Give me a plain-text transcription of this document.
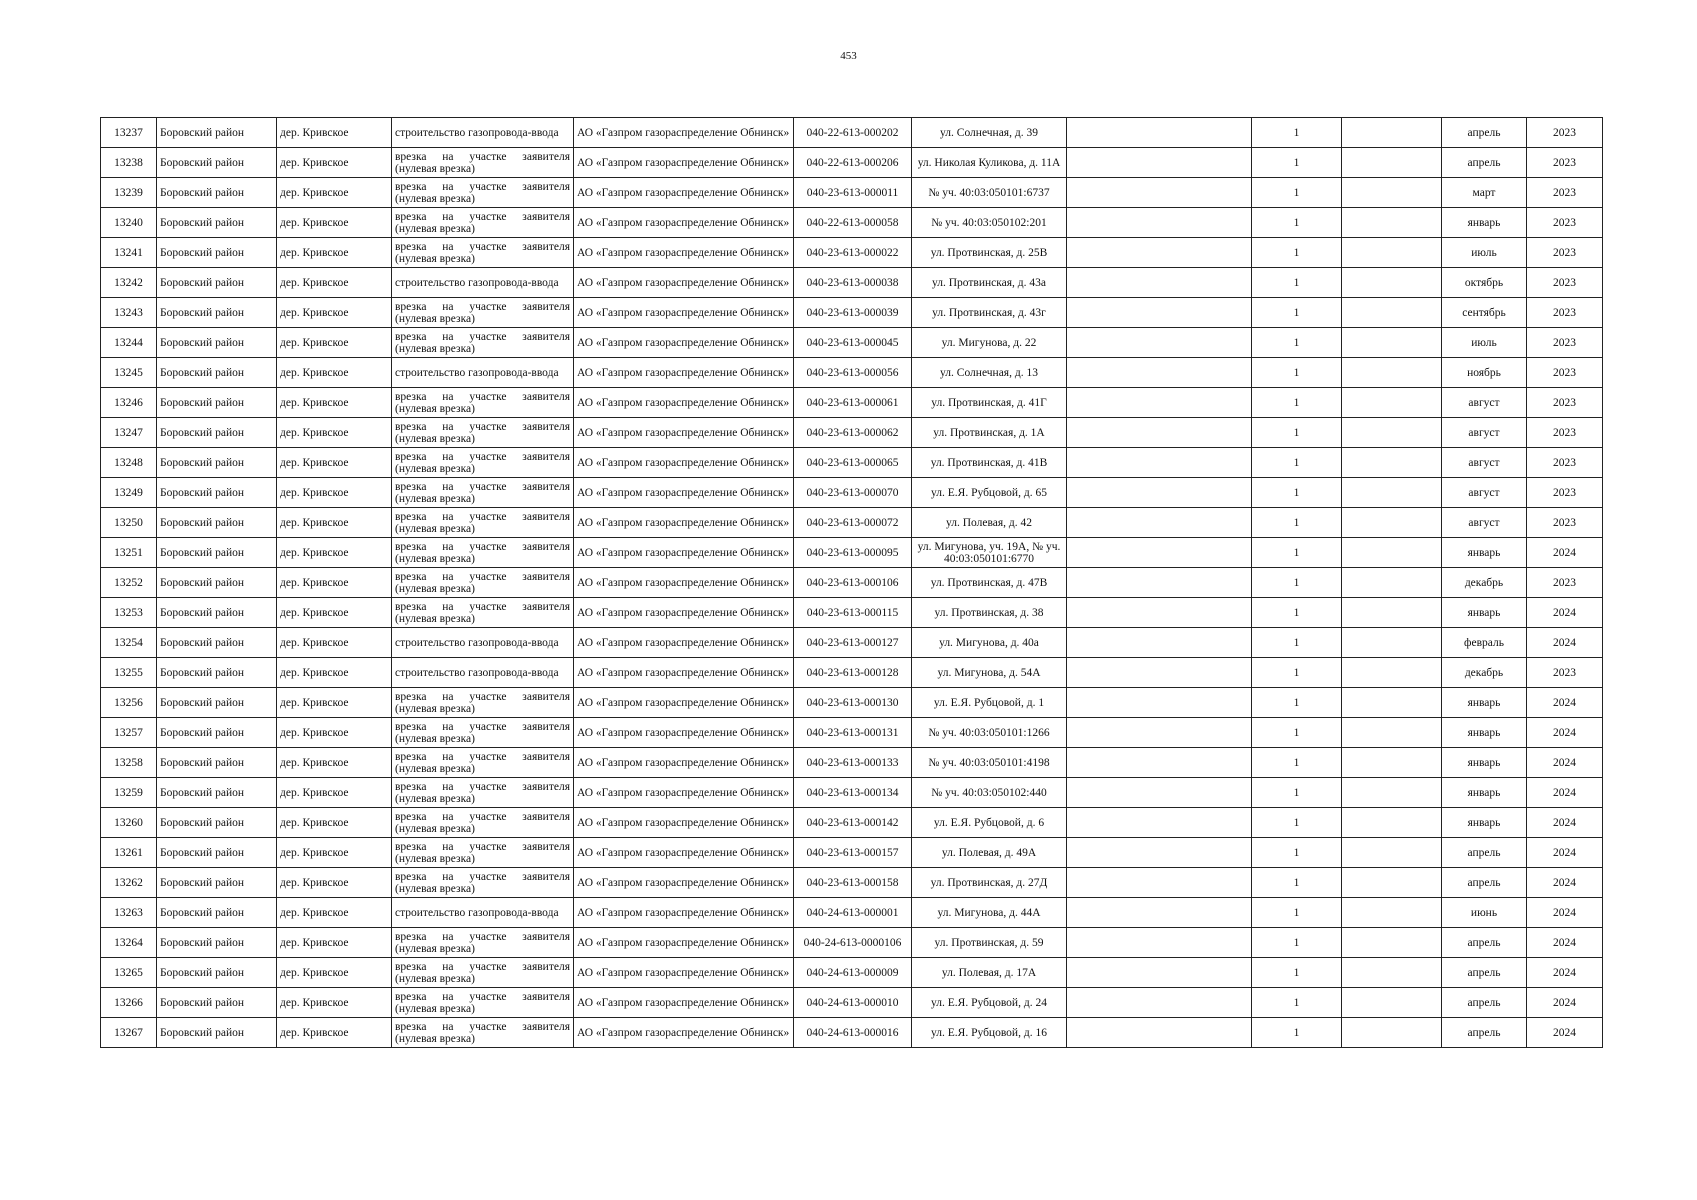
453
13237	Боровский район	дер. Кривское	строительство газопровода-ввода	АО «Газпром газораспределение Обнинск»	040-22-613-000202	ул. Солнечная, д. 39		1		апрель	2023
13238	Боровский район	дер. Кривское	врезка на участке заявителя (нулевая врезка)	АО «Газпром газораспределение Обнинск»	040-22-613-000206	ул. Николая Куликова, д. 11А		1		апрель	2023
13239	Боровский район	дер. Кривское	врезка на участке заявителя (нулевая врезка)	АО «Газпром газораспределение Обнинск»	040-23-613-000011	№ уч. 40:03:050101:6737		1		март	2023
13240	Боровский район	дер. Кривское	врезка на участке заявителя (нулевая врезка)	АО «Газпром газораспределение Обнинск»	040-22-613-000058	№ уч. 40:03:050102:201		1		январь	2023
13241	Боровский район	дер. Кривское	врезка на участке заявителя (нулевая врезка)	АО «Газпром газораспределение Обнинск»	040-23-613-000022	ул. Протвинская, д. 25В		1		июль	2023
13242	Боровский район	дер. Кривское	строительство газопровода-ввода	АО «Газпром газораспределение Обнинск»	040-23-613-000038	ул. Протвинская, д. 43а		1		октябрь	2023
13243	Боровский район	дер. Кривское	врезка на участке заявителя (нулевая врезка)	АО «Газпром газораспределение Обнинск»	040-23-613-000039	ул. Протвинская, д. 43г		1		сентябрь	2023
13244	Боровский район	дер. Кривское	врезка на участке заявителя (нулевая врезка)	АО «Газпром газораспределение Обнинск»	040-23-613-000045	ул. Мигунова, д. 22		1		июль	2023
13245	Боровский район	дер. Кривское	строительство газопровода-ввода	АО «Газпром газораспределение Обнинск»	040-23-613-000056	ул. Солнечная, д. 13		1		ноябрь	2023
13246	Боровский район	дер. Кривское	врезка на участке заявителя (нулевая врезка)	АО «Газпром газораспределение Обнинск»	040-23-613-000061	ул. Протвинская, д. 41Г		1		август	2023
13247	Боровский район	дер. Кривское	врезка на участке заявителя (нулевая врезка)	АО «Газпром газораспределение Обнинск»	040-23-613-000062	ул. Протвинская, д. 1А		1		август	2023
13248	Боровский район	дер. Кривское	врезка на участке заявителя (нулевая врезка)	АО «Газпром газораспределение Обнинск»	040-23-613-000065	ул. Протвинская, д. 41В		1		август	2023
13249	Боровский район	дер. Кривское	врезка на участке заявителя (нулевая врезка)	АО «Газпром газораспределение Обнинск»	040-23-613-000070	ул. Е.Я. Рубцовой, д. 65		1		август	2023
13250	Боровский район	дер. Кривское	врезка на участке заявителя (нулевая врезка)	АО «Газпром газораспределение Обнинск»	040-23-613-000072	ул. Полевая, д. 42		1		август	2023
13251	Боровский район	дер. Кривское	врезка на участке заявителя (нулевая врезка)	АО «Газпром газораспределение Обнинск»	040-23-613-000095	ул. Мигунова, уч. 19А, № уч. 40:03:050101:6770		1		январь	2024
13252	Боровский район	дер. Кривское	врезка на участке заявителя (нулевая врезка)	АО «Газпром газораспределение Обнинск»	040-23-613-000106	ул. Протвинская, д. 47В		1		декабрь	2023
13253	Боровский район	дер. Кривское	врезка на участке заявителя (нулевая врезка)	АО «Газпром газораспределение Обнинск»	040-23-613-000115	ул. Протвинская, д. 38		1		январь	2024
13254	Боровский район	дер. Кривское	строительство газопровода-ввода	АО «Газпром газораспределение Обнинск»	040-23-613-000127	ул. Мигунова, д. 40а		1		февраль	2024
13255	Боровский район	дер. Кривское	строительство газопровода-ввода	АО «Газпром газораспределение Обнинск»	040-23-613-000128	ул. Мигунова, д. 54А		1		декабрь	2023
13256	Боровский район	дер. Кривское	врезка на участке заявителя (нулевая врезка)	АО «Газпром газораспределение Обнинск»	040-23-613-000130	ул. Е.Я. Рубцовой, д. 1		1		январь	2024
13257	Боровский район	дер. Кривское	врезка на участке заявителя (нулевая врезка)	АО «Газпром газораспределение Обнинск»	040-23-613-000131	№ уч. 40:03:050101:1266		1		январь	2024
13258	Боровский район	дер. Кривское	врезка на участке заявителя (нулевая врезка)	АО «Газпром газораспределение Обнинск»	040-23-613-000133	№ уч. 40:03:050101:4198		1		январь	2024
13259	Боровский район	дер. Кривское	врезка на участке заявителя (нулевая врезка)	АО «Газпром газораспределение Обнинск»	040-23-613-000134	№ уч. 40:03:050102:440		1		январь	2024
13260	Боровский район	дер. Кривское	врезка на участке заявителя (нулевая врезка)	АО «Газпром газораспределение Обнинск»	040-23-613-000142	ул. Е.Я. Рубцовой, д. 6		1		январь	2024
13261	Боровский район	дер. Кривское	врезка на участке заявителя (нулевая врезка)	АО «Газпром газораспределение Обнинск»	040-23-613-000157	ул. Полевая, д. 49А		1		апрель	2024
13262	Боровский район	дер. Кривское	врезка на участке заявителя (нулевая врезка)	АО «Газпром газораспределение Обнинск»	040-23-613-000158	ул. Протвинская, д. 27Д		1		апрель	2024
13263	Боровский район	дер. Кривское	строительство газопровода-ввода	АО «Газпром газораспределение Обнинск»	040-24-613-000001	ул. Мигунова, д. 44А		1		июнь	2024
13264	Боровский район	дер. Кривское	врезка на участке заявителя (нулевая врезка)	АО «Газпром газораспределение Обнинск»	040-24-613-0000106	ул. Протвинская, д. 59		1		апрель	2024
13265	Боровский район	дер. Кривское	врезка на участке заявителя (нулевая врезка)	АО «Газпром газораспределение Обнинск»	040-24-613-000009	ул. Полевая, д. 17А		1		апрель	2024
13266	Боровский район	дер. Кривское	врезка на участке заявителя (нулевая врезка)	АО «Газпром газораспределение Обнинск»	040-24-613-000010	ул. Е.Я. Рубцовой, д. 24		1		апрель	2024
13267	Боровский район	дер. Кривское	врезка на участке заявителя (нулевая врезка)	АО «Газпром газораспределение Обнинск»	040-24-613-000016	ул. Е.Я. Рубцовой, д. 16		1		апрель	2024
